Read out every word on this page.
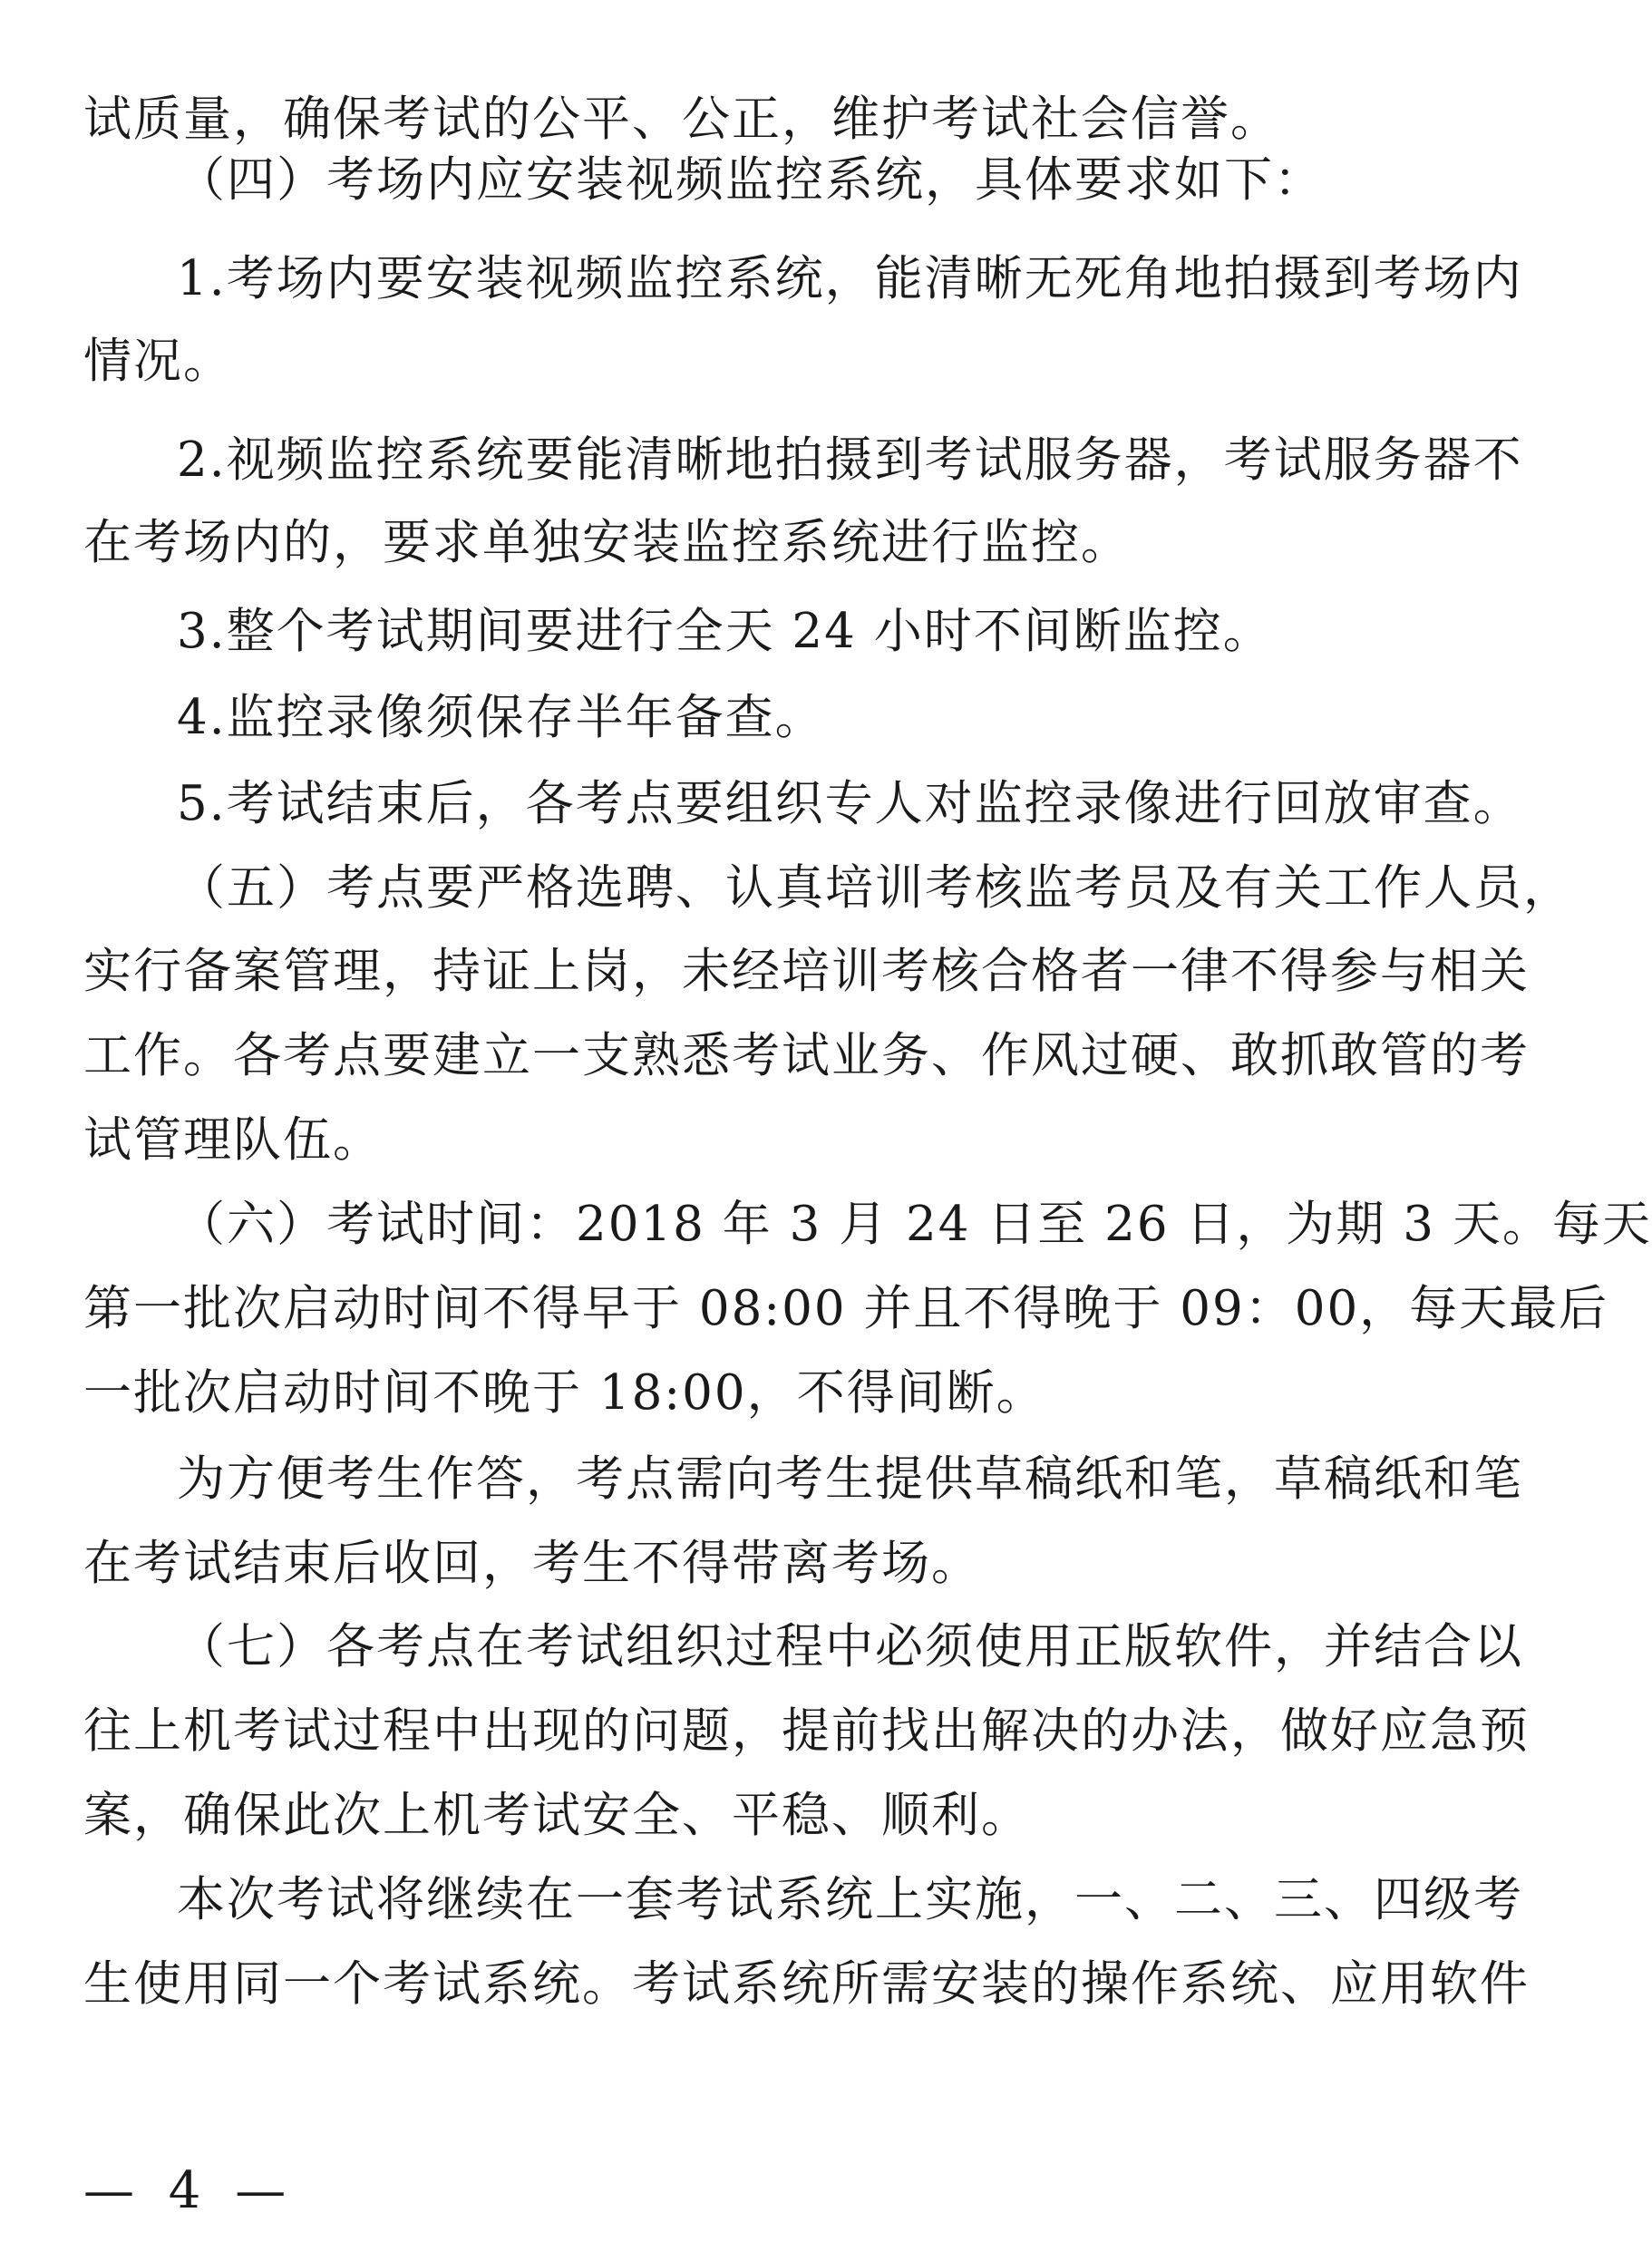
试质量，确保考试的公平、公正，维护考试社会信誉。
（四）考场内应安装视频监控系统，具体要求如下：
1.考场内要安装视频监控系统，能清晰无死角地拍摄到考场内
情况。
2.视频监控系统要能清晰地拍摄到考试服务器，考试服务器不
在考场内的，要求单独安装监控系统进行监控。
3.整个考试期间要进行全天 24 小时不间断监控。
4.监控录像须保存半年备查。
5.考试结束后，各考点要组织专人对监控录像进行回放审查。
（五）考点要严格选聘、认真培训考核监考员及有关工作人员，
实行备案管理，持证上岗，未经培训考核合格者一律不得参与相关
工作。各考点要建立一支熟悉考试业务、作风过硬、敢抓敢管的考
试管理队伍。
（六）考试时间：2018 年 3 月 24 日至 26 日，为期 3 天。每天
第一批次启动时间不得早于 08:00 并且不得晚于 09：00，每天最后
一批次启动时间不晚于 18:00，不得间断。
为方便考生作答，考点需向考生提供草稿纸和笔，草稿纸和笔
在考试结束后收回，考生不得带离考场。
（七）各考点在考试组织过程中必须使用正版软件，并结合以
往上机考试过程中出现的问题，提前找出解决的办法，做好应急预
案，确保此次上机考试安全、平稳、顺利。
本次考试将继续在一套考试系统上实施，一、二、三、四级考
生使用同一个考试系统。考试系统所需安装的操作系统、应用软件
— 4 —
